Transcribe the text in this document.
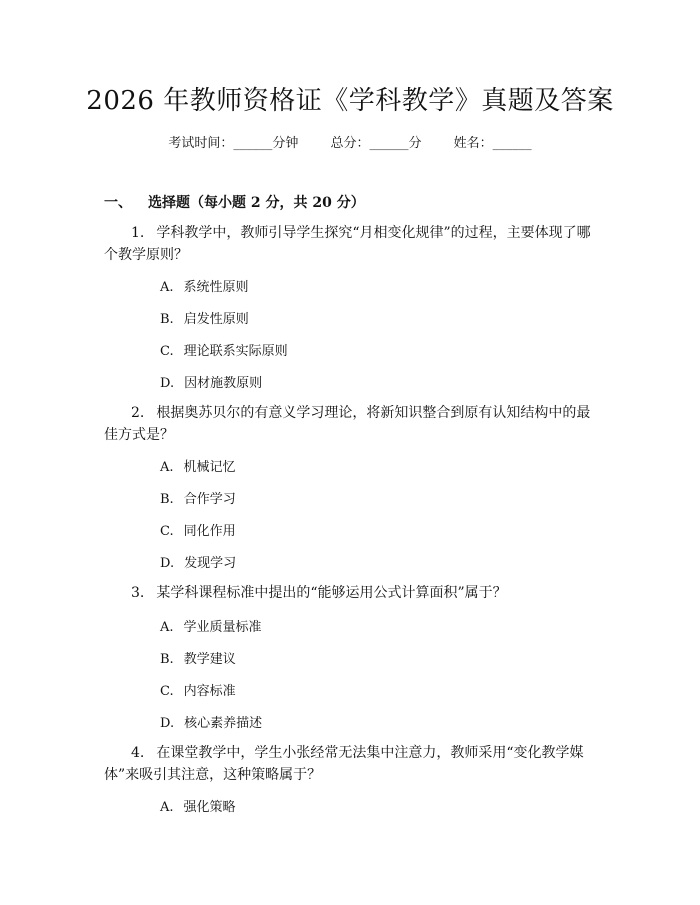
2026 年教师资格证《学科教学》真题及答案
考试时间：______分钟 总分：______分 姓名：______
一、 选择题（每小题 2 分，共 20 分）
1. 学科教学中，教师引导学生探究“月相变化规律”的过程，主要体现了哪个教学原则？
A. 系统性原则
B. 启发性原则
C. 理论联系实际原则
D. 因材施教原则
2. 根据奥苏贝尔的有意义学习理论，将新知识整合到原有认知结构中的最佳方式是？
A. 机械记忆
B. 合作学习
C. 同化作用
D. 发现学习
3. 某学科课程标准中提出的“能够运用公式计算面积”属于？
A. 学业质量标准
B. 教学建议
C. 内容标准
D. 核心素养描述
4. 在课堂教学中，学生小张经常无法集中注意力，教师采用“变化教学媒体”来吸引其注意，这种策略属于？
A. 强化策略
